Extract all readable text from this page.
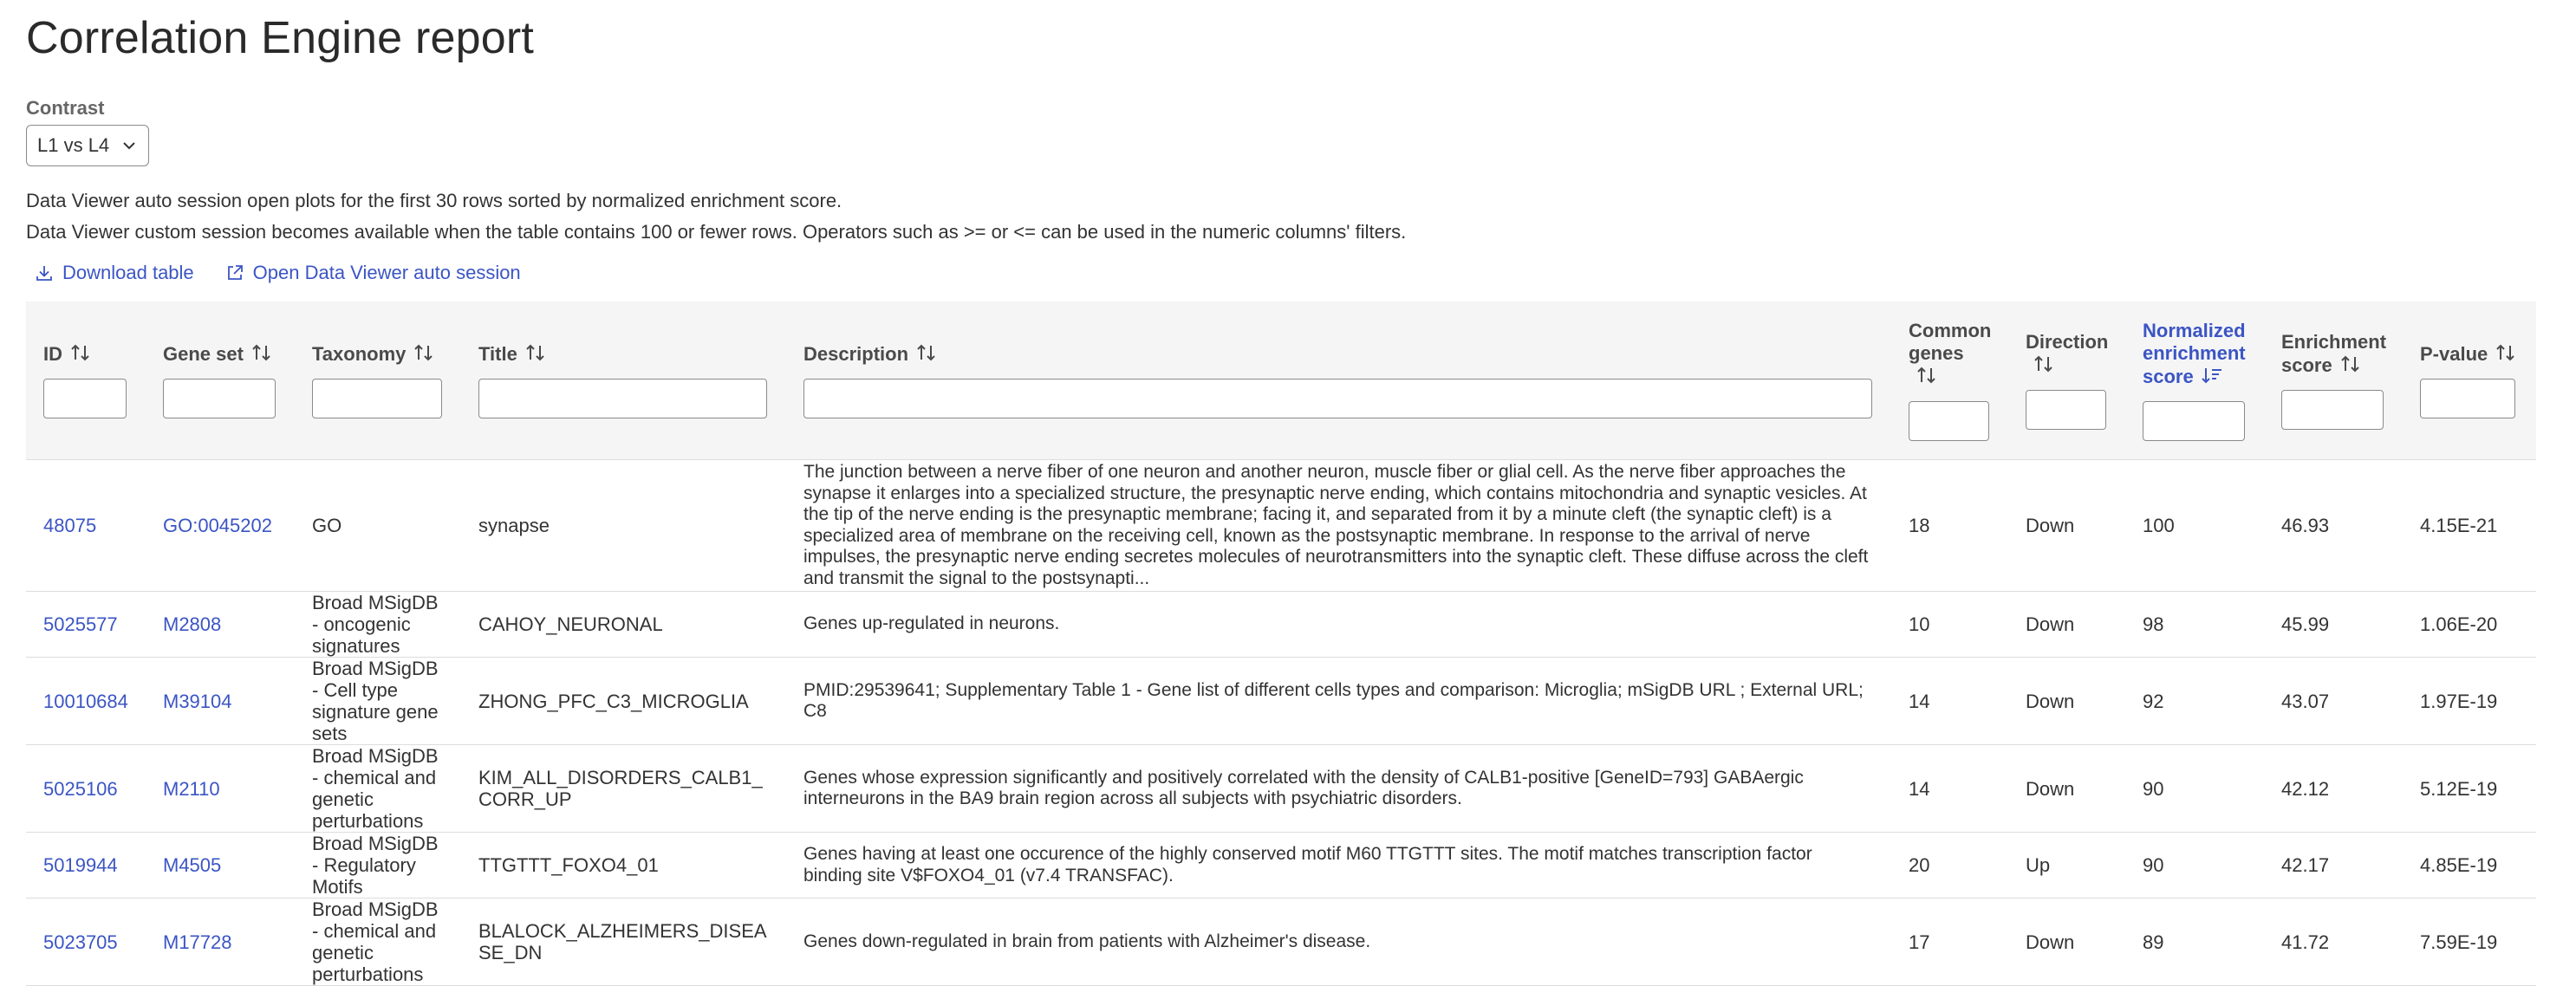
Correlation Engine report
Contrast
L1 vs L4
Data Viewer auto session open plots for the first 30 rows sorted by normalized enrichment score.
Data Viewer custom session becomes available when the table contains 100 or fewer rows. Operators such as >= or <= can be used in the numeric columns' filters.
Download table	Open Data Viewer auto session
ID	Gene set	Taxonomy	Title	Description	Common genes	Direction	Normalized enrichment score	Enrichment score	P-value

48075	GO:0045202	GO	synapse	The junction between a nerve fiber of one neuron and another neuron, muscle fiber or glial cell. As the nerve fiber approaches the synapse it enlarges into a specialized structure, the presynaptic nerve ending, which contains mitochondria and synaptic vesicles. At the tip of the nerve ending is the presynaptic membrane; facing it, and separated from it by a minute cleft (the synaptic cleft) is a specialized area of membrane on the receiving cell, known as the postsynaptic membrane. In response to the arrival of nerve impulses, the presynaptic nerve ending secretes molecules of neurotransmitters into the synaptic cleft. These diffuse across the cleft and transmit the signal to the postsynapti...	18	Down	100	46.93	4.15E-21
5025577	M2808	Broad MSigDB - oncogenic signatures	CAHOY_NEURONAL	Genes up-regulated in neurons.	10	Down	98	45.99	1.06E-20
10010684	M39104	Broad MSigDB - Cell type signature gene sets	ZHONG_PFC_C3_MICROGLIA	PMID:29539641; Supplementary Table 1 - Gene list of different cells types and comparison: Microglia; mSigDB URL ; External URL; C8	14	Down	92	43.07	1.97E-19
5025106	M2110	Broad MSigDB - chemical and genetic perturbations	KIM_ALL_DISORDERS_CALB1_CORR_UP	Genes whose expression significantly and positively correlated with the density of CALB1-positive [GeneID=793] GABAergic interneurons in the BA9 brain region across all subjects with psychiatric disorders.	14	Down	90	42.12	5.12E-19
5019944	M4505	Broad MSigDB - Regulatory Motifs	TTGTTT_FOXO4_01	Genes having at least one occurence of the highly conserved motif M60 TTGTTT sites. The motif matches transcription factor binding site V$FOXO4_01 (v7.4 TRANSFAC).	20	Up	90	42.17	4.85E-19
5023705	M17728	Broad MSigDB - chemical and genetic perturbations	BLALOCK_ALZHEIMERS_DISEASE_DN	Genes down-regulated in brain from patients with Alzheimer's disease.	17	Down	89	41.72	7.59E-19
